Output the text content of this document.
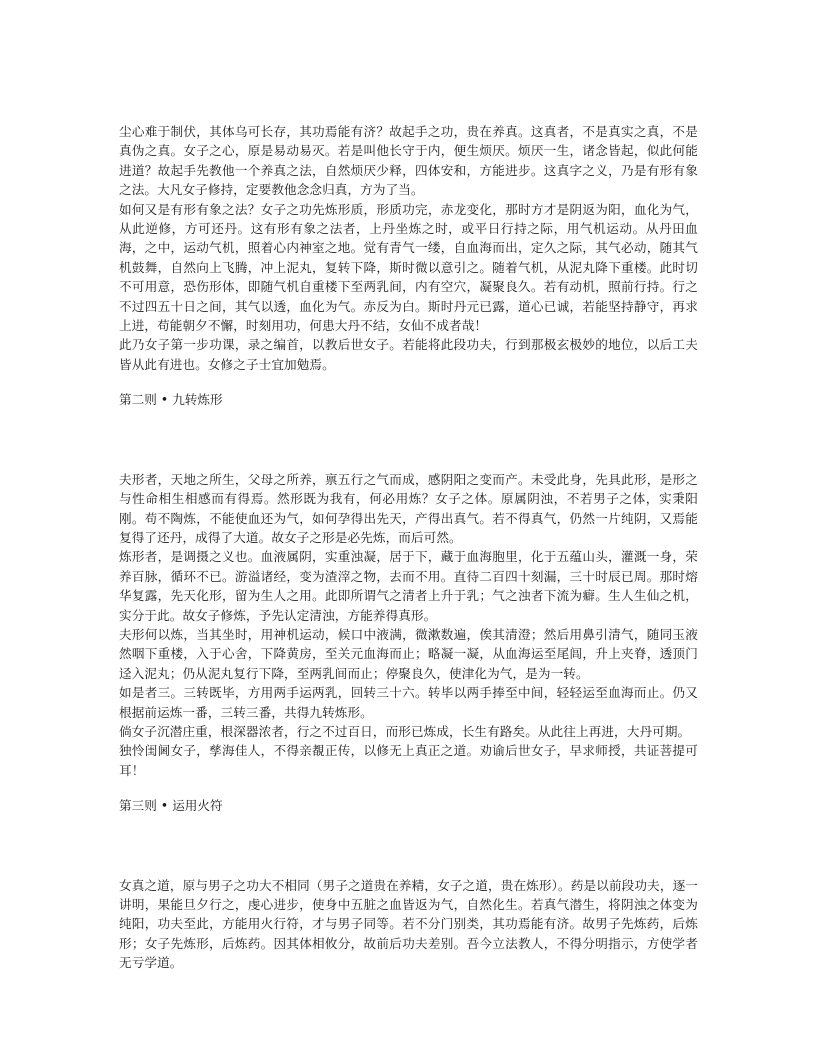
尘心难于制伏，其体乌可长存，其功焉能有济？故起手之功，贵在养真。这真者，不是真实之真，不是真伪之真。女子之心，原是易动易灭。若是叫他长守于内，便生烦厌。烦厌一生，诸念皆起，似此何能进道？故起手先教他一个养真之法，自然烦厌少释，四体安和，方能进步。这真字之义，乃是有形有象之法。大凡女子修持，定要教他念念归真，方为了当。

如何又是有形有象之法？女子之功先炼形质，形质功完，赤龙变化，那时方才是阴返为阳，血化为气，从此逆修，方可还丹。这有形有象之法者，上丹坐炼之时，或平日行持之际，用气机运动。从丹田血海，之中，运动气机，照着心内神室之地。觉有青气一缕，自血海而出，定久之际，其气必动，随其气机鼓舞，自然向上飞腾，冲上泥丸，复转下降，斯时微以意引之。随着气机，从泥丸降下重楼。此时切不可用意，恐伤形体，即随气机自重楼下至两乳间，内有空穴，凝聚良久。若有动机，照前行持。行之不过四五十日之间，其气以透，血化为气。赤反为白。斯时丹元已露，道心已诚，若能坚持静守，再求上进，苟能朝夕不懈，时刻用功，何患大丹不结，女仙不成者哉！

此乃女子第一步功课，录之编首，以教后世女子。若能将此段功夫，行到那极玄极妙的地位，以后工夫皆从此有进也。女修之子士宜加勉焉。

第二则 • 九转炼形

夫形者，天地之所生，父母之所养，禀五行之气而成，感阴阳之变而产。未受此身，先具此形，是形之与性命相生相感而有得焉。然形既为我有，何必用炼？女子之体。原属阴浊，不若男子之体，实秉阳刚。苟不陶炼，不能使血还为气，如何孕得出先天，产得出真气。若不得真气，仍然一片纯阴，又焉能复得了还丹，成得了大道。故女子之形是必先炼，而后可然。

炼形者，是调摄之义也。血液属阴，实重浊凝，居于下，藏于血海胞里，化于五蕴山头，灌溉一身，荣养百脉，循环不已。游溢诸经，变为渣滓之物，去而不用。直待二百四十刻漏，三十时辰已周。那时熔华复露，先天化形，留为生人之用。此即所谓气之清者上升于乳；气之浊者下流为癖。生人生仙之机，实分于此。故女子修炼，予先认定清浊，方能养得真形。

夫形何以炼，当其坐时，用神机运动，候口中液满，微漱数遍，俟其清澄；然后用鼻引清气，随同玉液然咽下重楼，入于心舍，下降黄房，至关元血海而止；略凝一凝，从血海运至尾闾，升上夹脊，透顶门迳入泥丸；仍从泥丸复行下降，至两乳间而止；停聚良久，使津化为气，是为一转。

如是者三。三转既毕，方用两手运两乳，回转三十六。转毕以两手捧至中间，轻轻运至血海而止。仍又根据前运炼一番，三转三番，共得九转炼形。

倘女子沉潜庄重，根深器浓者，行之不过百日，而形已炼成，长生有路矣。从此往上再进，大丹可期。

独怜闺阃女子，孳海佳人，不得亲覩正传，以修无上真正之道。劝谕后世女子，早求师授，共证菩提可耳！

第三则 • 运用火符

女真之道，原与男子之功大不相同（男子之道贵在养精，女子之道，贵在炼形）。药是以前段功夫，逐一讲明，果能旦夕行之，虔心进步，使身中五脏之血皆返为气，自然化生。若真气潜生，将阴浊之体变为纯阳，功夫至此，方能用火行符，才与男子同等。若不分门别类，其功焉能有济。故男子先炼药，后炼形；女子先炼形，后炼药。因其体相攸分，故前后功夫差别。吾今立法教人，不得分明指示，方使学者无亏学道。
